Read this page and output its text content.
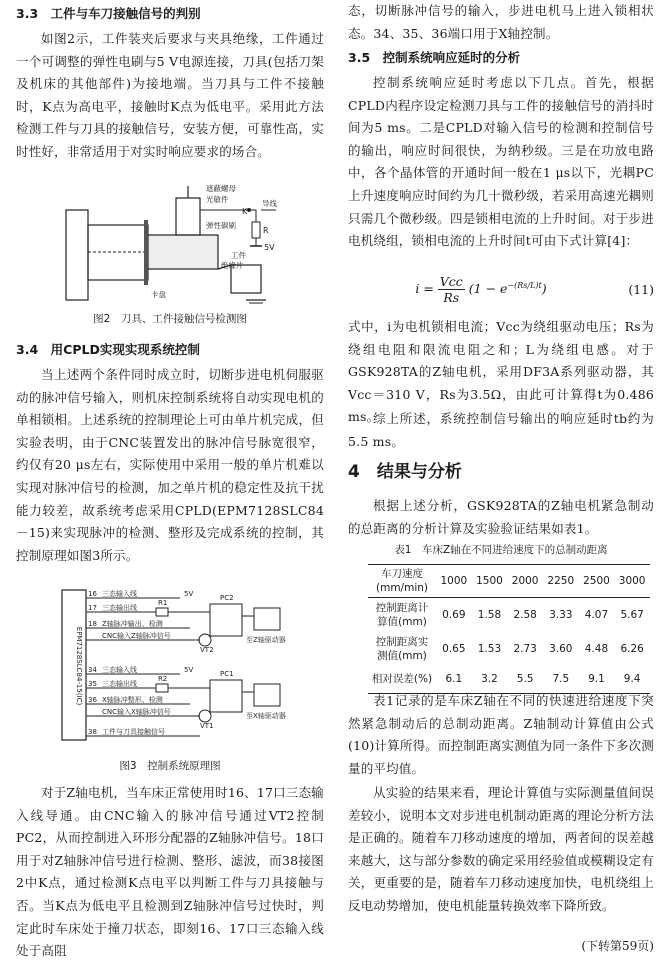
3.3　工件与车刀接触信号的判别

如图2示，工件装夹后要求与夹具绝缘，工件通过一个可调整的弹性电刷与5 V电源连接，刀具(包括刀架及机床的其他部件)为接地端。当刀具与工件不接触时，K点为高电平，接触时K点为低电平。采用此方法检测工件与刀具的接触信号，安装方便，可靠性高，实时性好，非常适用于对实时响应要求的场合。

遮蔽螺母
光敏件	导线
弹性碳刷
工件
绝缘片
卡盘
K
R
5V
图2　刀具、工件接触信号检测图
3.4　用CPLD实现实现系统控制

当上述两个条件同时成立时，切断步进电机伺服驱动的脉冲信号输入，则机床控制系统将自动实现电机的单相锁相。上述系统的控制理论上可由单片机完成，但实验表明，由于CNC装置发出的脉冲信号脉宽很窄，约仅有20 μs左右，实际使用中采用一般的单片机难以实现对脉冲信号的检测，加之单片机的稳定性及抗干扰能力较差，故系统考虑采用CPLD(EPM7128SLC84－15)来实现脉冲的检测、整形及完成系统的控制，其控制原理如图3所示。

EPM7128SLC84-15(IC)
16
17
18
34
35
36
38
三态输入线
三态输出线
Z轴脉冲输出、检测
CNC输入Z轴脉冲信号
三态输入线
三态输出线
X轴脉冲整形、检测
CNC输入X轴脉冲信号
工件与刀具接触信号
PC2
PC1
VT2
VT1
R1
R2
5V
5V
至Z轴驱动器
至X轴驱动器
图3　控制系统原理图

对于Z轴电机，当车床正常使用时16、17口三态输入线导通。由CNC输入的脉冲信号通过VT2控制PC2，从而控制进入环形分配器的Z轴脉冲信号。18口用于对Z轴脉冲信号进行检测、整形、滤波，而38接图2中K点，通过检测K点电平以判断工件与刀具接触与否。当K点为低电平且检测到Z轴脉冲信号过快时，判定此时车床处于撞刀状态，即刻16、17口三态输入线处于高阻

态，切断脉冲信号的输入，步进电机马上进入锁相状态。34、35、36端口用于X轴控制。

3.5　控制系统响应延时的分析

控制系统响应延时考虑以下几点。首先，根据CPLD内程序设定检测刀具与工件的接触信号的消抖时间为5 ms。二是CPLD对输入信号的检测和控制信号的输出，响应时间很快，为纳秒级。三是在功放电路中，各个晶体管的开通时间一般在1 μs以下，光耦PC上升速度响应时间约为几十微秒级，若采用高速光耦则只需几个微秒级。四是锁相电流的上升时间。对于步进电机绕组，锁相电流的上升时间t可由下式计算[4]：

$i = \frac{\text{Vcc}}{Rs} (1 - e^{-(Rs/L)t})$	(11)

式中，i为电机锁相电流；Vcc为绕组驱动电压；Rs为绕组电阻和限流电阻之和；L为绕组电感。对于GSK928TA的Z轴电机，采用DF3A系列驱动器，其Vcc＝310 V，Rs为3.5Ω，由此可计算得t为0.486 ms。

综上所述，系统控制信号输出的响应延时tb约为5.5 ms。

4　结果与分析

根据上述分析，GSK928TA的Z轴电机紧急制动的总距离的分析计算及实验验证结果如表1。

表1　车床Z轴在不同进给速度下的总制动距离
车刀速度(mm/min)	1000	1500	2000	2250	2500	3000
控制距离计算值(mm)	0.69	1.58	2.58	3.33	4.07	5.67
控制距离实测值(mm)	0.65	1.53	2.73	3.60	4.48	6.26
相对误差(%)	6.1	3.2	5.5	7.5	9.1	9.4

表1记录的是车床Z轴在不同的快速进给速度下突然紧急制动后的总制动距离。Z轴制动计算值由公式(10)计算所得。而控制距离实测值为同一条件下多次测量的平均值。

从实验的结果来看，理论计算值与实际测量值间误差较小，说明本文对步进电机制动距离的理论分析方法是正确的。随着车刀移动速度的增加，两者间的误差越来越大，这与部分参数的确定采用经验值或模糊设定有关，更重要的是，随着车刀移动速度加快，电机绕组上反电动势增加，使电机能量转换效率下降所致。

(下转第59页)
